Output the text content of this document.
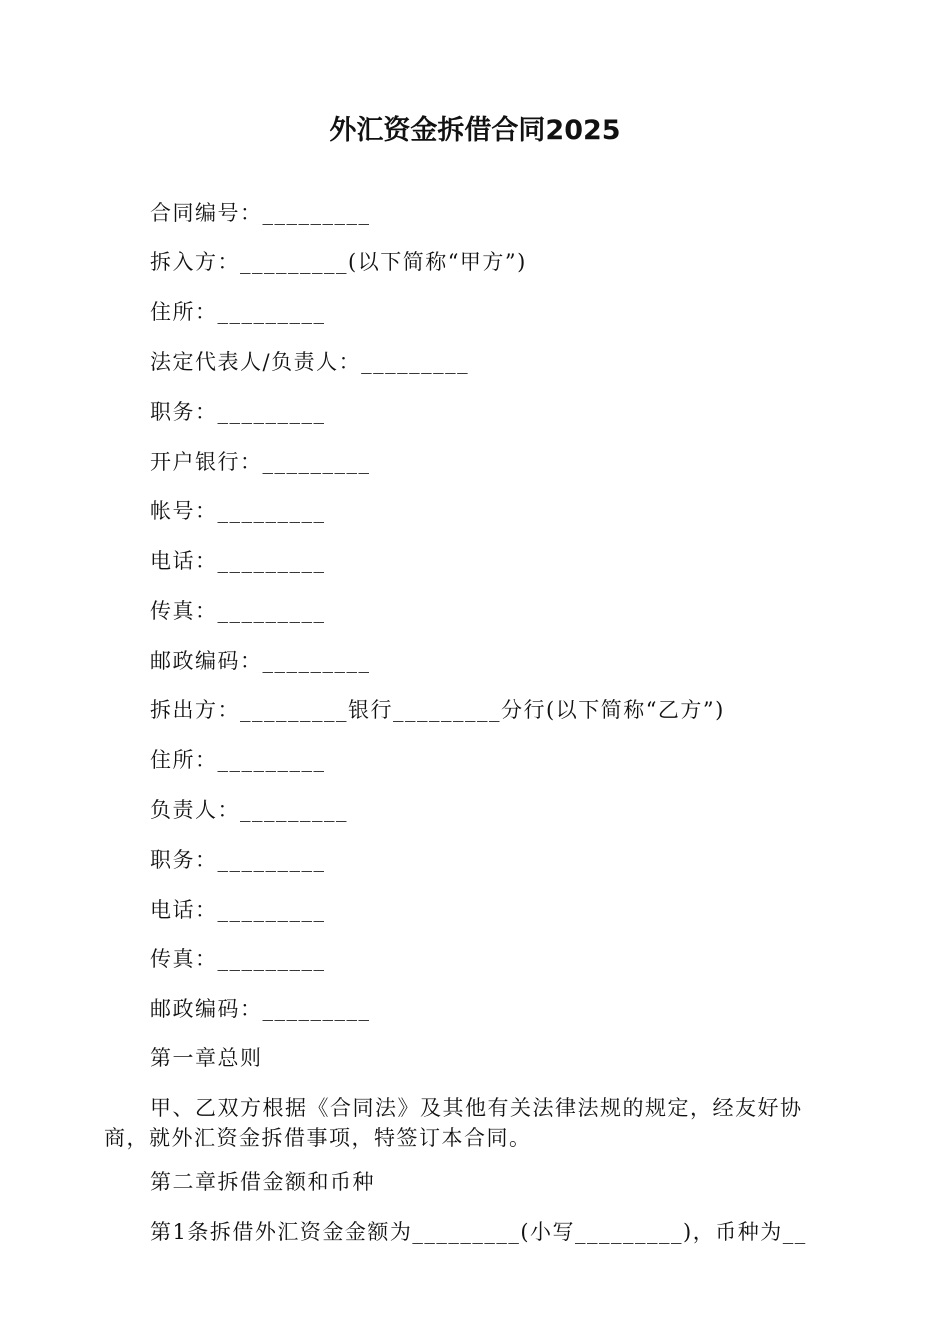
外汇资金拆借合同2025
合同编号：_________
拆入方：_________(以下简称“甲方”)
住所：_________
法定代表人/负责人：_________
职务：_________
开户银行：_________
帐号：_________
电话：_________
传真：_________
邮政编码：_________
拆出方：_________银行_________分行(以下简称“乙方”)
住所：_________
负责人：_________
职务：_________
电话：_________
传真：_________
邮政编码：_________
第一章总则
甲、乙双方根据《合同法》及其他有关法律法规的规定，经友好协
商，就外汇资金拆借事项，特签订本合同。
第二章拆借金额和币种
第1条拆借外汇资金金额为_________(小写_________)，币种为__
